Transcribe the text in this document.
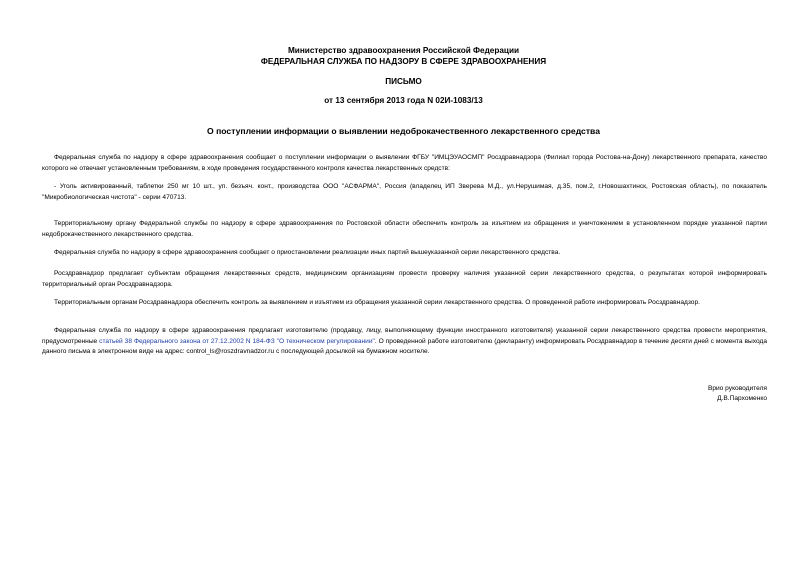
Министерство здравоохранения Российской Федерации
ФЕДЕРАЛЬНАЯ СЛУЖБА ПО НАДЗОРУ В СФЕРЕ ЗДРАВООХРАНЕНИЯ
ПИСЬМО
от 13 сентября 2013 года N 02И-1083/13
О поступлении информации о выявлении недоброкачественного лекарственного средства

Федеральная служба по надзору в сфере здравоохранения сообщает о поступлении информации о выявлении ФГБУ "ИМЦЭУАОСМП" Росздравнадзора (Филиал города Ростова-на-Дону) лекарственного препарата, качество которого не отвечает установленным требованиям, в ходе проведения государственного контроля качества лекарственных средств:

- Уголь активированный, таблетки 250 мг 10 шт., уп. безъяч. конт., производства ООО "АСФАРМА", Россия (владелец ИП Зверева М.Д., ул.Нерушимая, д.35, пом.2, г.Новошахтинск, Ростовская область), по показатель "Микробиологическая чистота" - серии 470713.

Территориальному органу Федеральной службы по надзору в сфере здравоохранения по Ростовской области обеспечить контроль за изъятием из обращения и уничтожением в установленном порядке указанной партии недоброкачественного лекарственного средства.

Федеральная служба по надзору в сфере здравоохранения сообщает о приостановлении реализации иных партий вышеуказанной серии лекарственного средства.

Росздравнадзор предлагает субъектам обращения лекарственных средств, медицинским организациям провести проверку наличия указанной серии лекарственного средства, о результатах которой информировать территориальный орган Росздравнадзора.

Территориальным органам Росздравнадзора обеспечить контроль за выявлением и изъятием из обращения указанной серии лекарственного средства. О проведенной работе информировать Росздравнадзор.

Федеральная служба по надзору в сфере здравоохранения предлагает изготовителю (продавцу, лицу, выполняющему функции иностранного изготовителя) указанной серии лекарственного средства провести мероприятия, предусмотренные статьей 38 Федерального закона от 27.12.2002 N 184-ФЗ "О техническом регулировании". О проведенной работе изготовителю (декларанту) информировать Росздравнадзор в течение десяти дней с момента выхода данного письма в электронном виде на адрес: control_ls@roszdravnadzor.ru с последующей досылкой на бумажном носителе.

Врио руководителя
Д.В.Пархоменко
